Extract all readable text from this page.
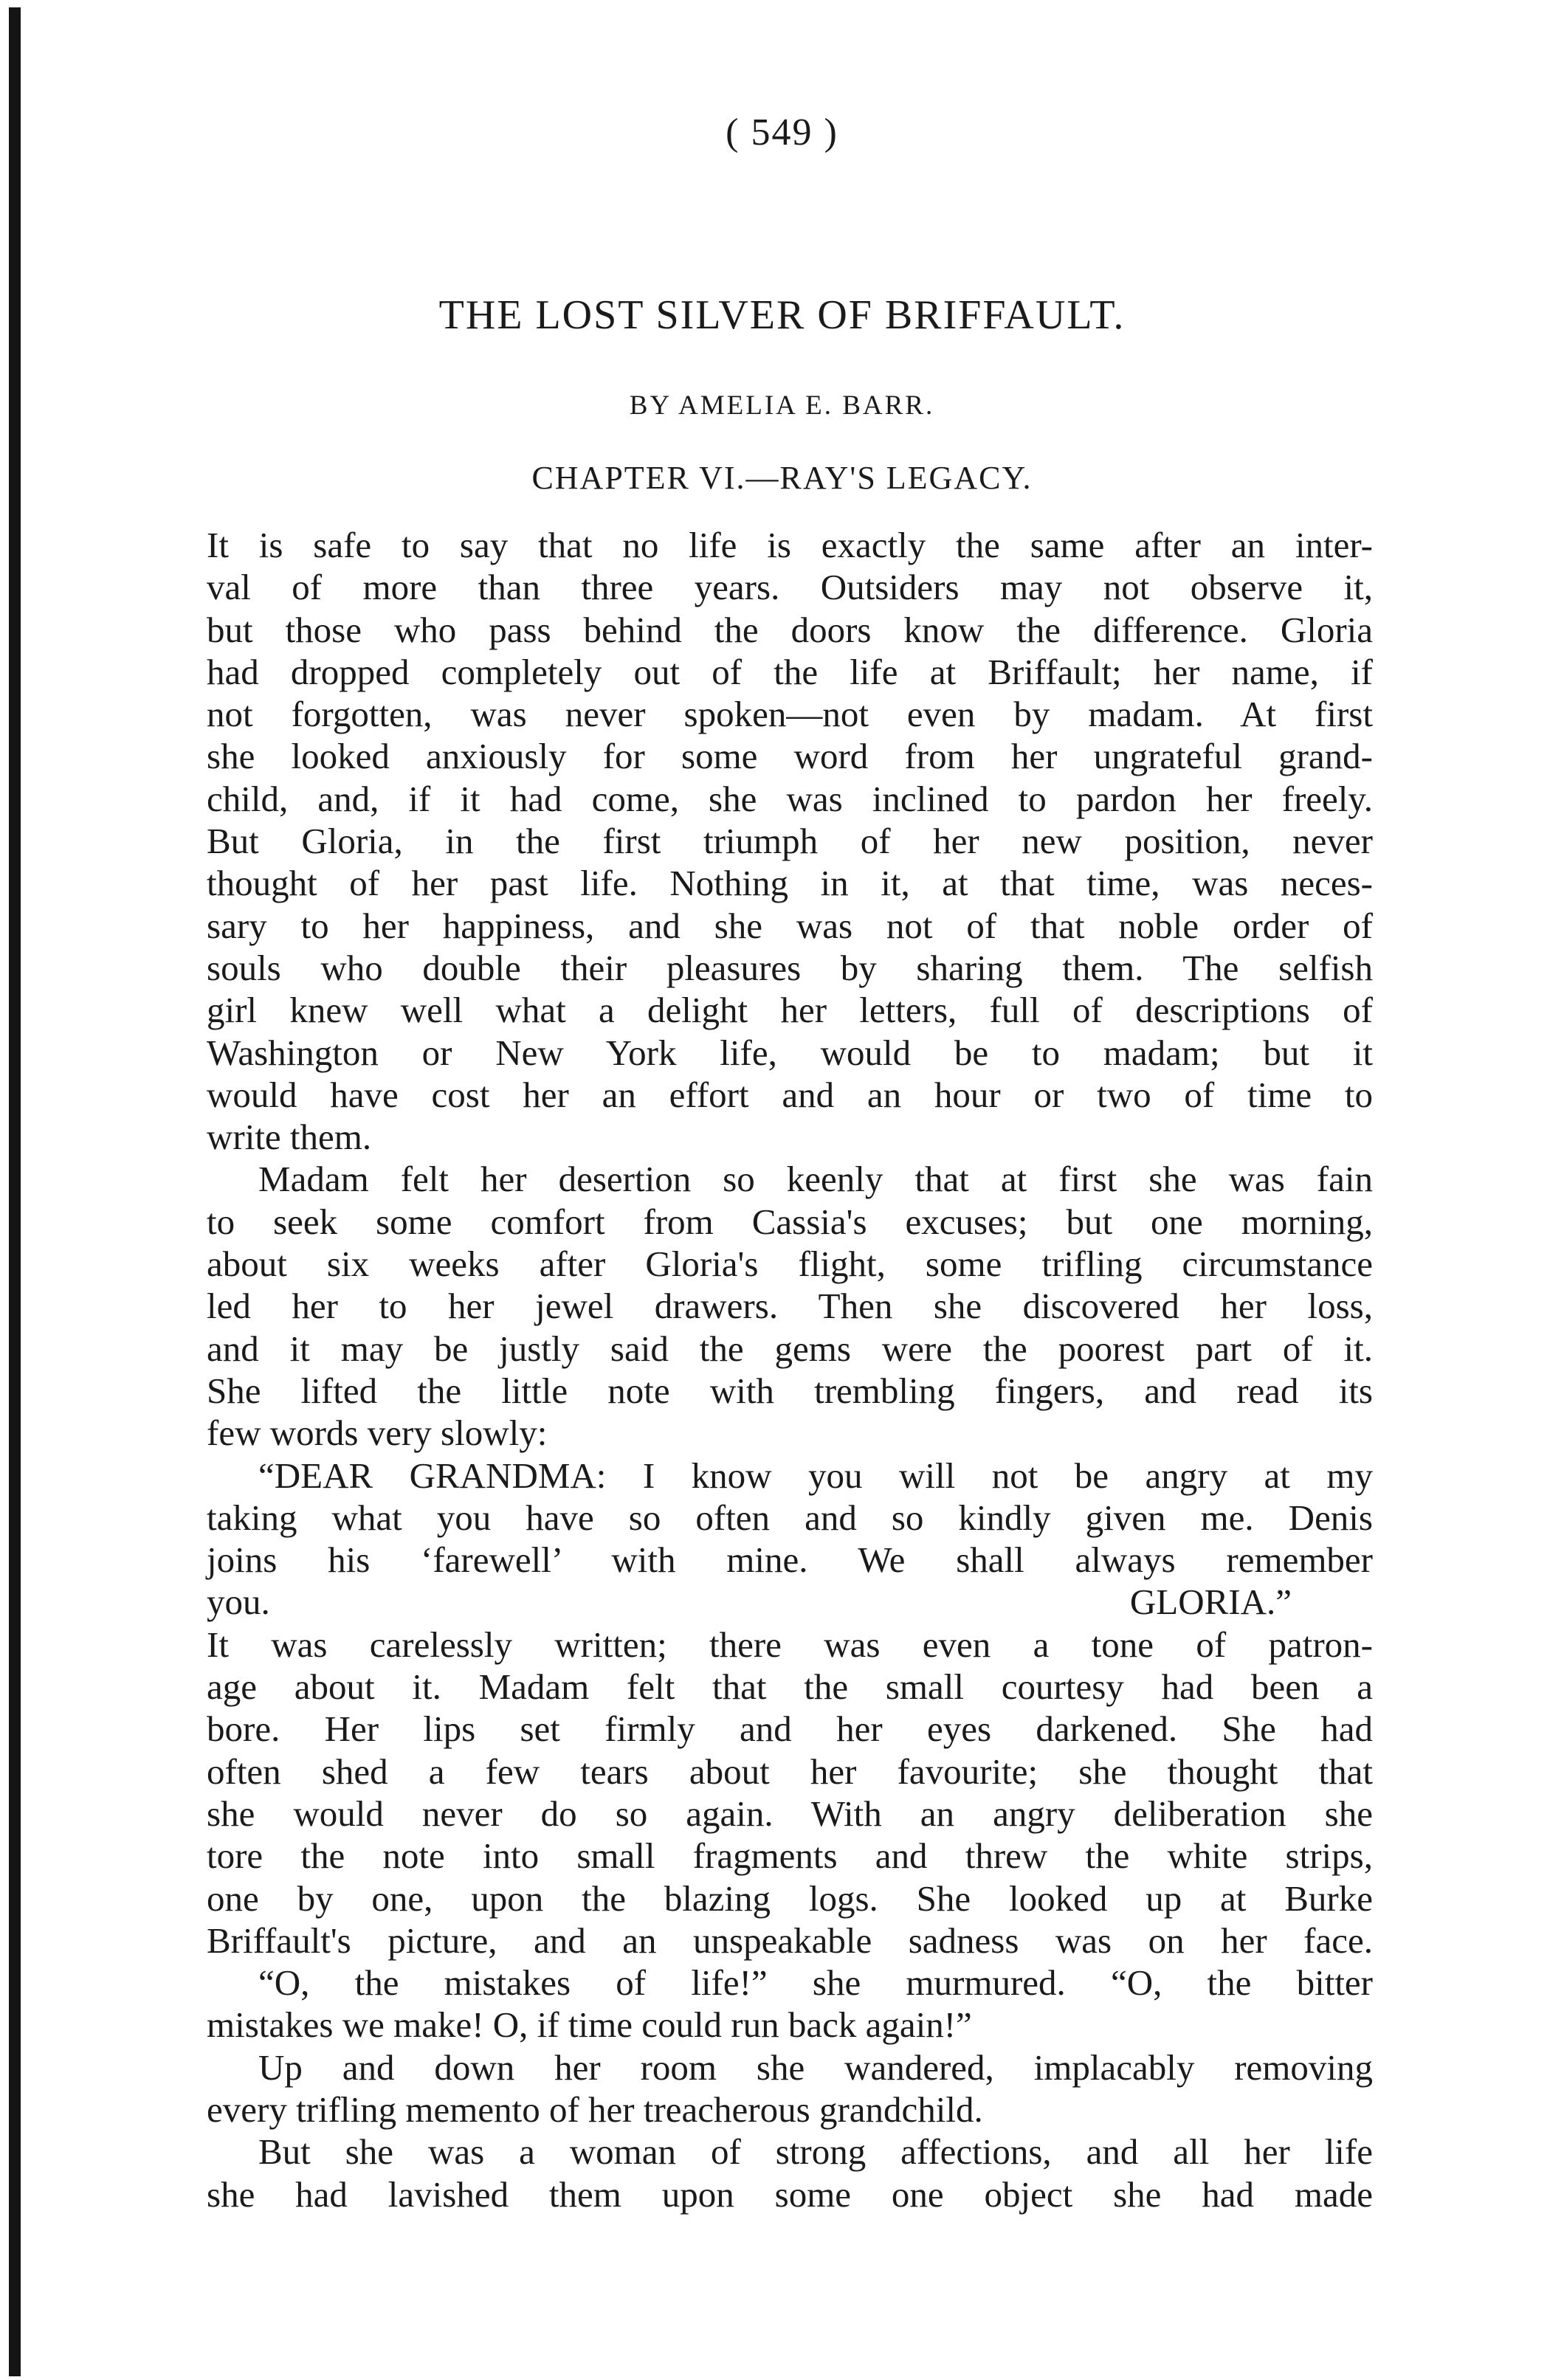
( 549 )
THE LOST SILVER OF BRIFFAULT.
BY AMELIA E. BARR.
CHAPTER VI.—RAY'S LEGACY.
It is safe to say that no life is exactly the same after an inter-
val of more than three years. Outsiders may not observe it,
but those who pass behind the doors know the difference. Gloria
had dropped completely out of the life at Briffault; her name, if
not forgotten, was never spoken—not even by madam. At first
she looked anxiously for some word from her ungrateful grand-
child, and, if it had come, she was inclined to pardon her freely.
But Gloria, in the first triumph of her new position, never
thought of her past life. Nothing in it, at that time, was neces-
sary to her happiness, and she was not of that noble order of
souls who double their pleasures by sharing them. The selfish
girl knew well what a delight her letters, full of descriptions of
Washington or New York life, would be to madam; but it
would have cost her an effort and an hour or two of time to
write them.
Madam felt her desertion so keenly that at first she was fain
to seek some comfort from Cassia's excuses; but one morning,
about six weeks after Gloria's flight, some trifling circumstance
led her to her jewel drawers. Then she discovered her loss,
and it may be justly said the gems were the poorest part of it.
She lifted the little note with trembling fingers, and read its
few words very slowly:
“DEAR GRANDMA: I know you will not be angry at my
taking what you have so often and so kindly given me. Denis
joins his ‘farewell’ with mine. We shall always remember
you.	GLORIA.”
It was carelessly written; there was even a tone of patron-
age about it. Madam felt that the small courtesy had been a
bore. Her lips set firmly and her eyes darkened. She had
often shed a few tears about her favourite; she thought that
she would never do so again. With an angry deliberation she
tore the note into small fragments and threw the white strips,
one by one, upon the blazing logs. She looked up at Burke
Briffault's picture, and an unspeakable sadness was on her face.
“O, the mistakes of life!” she murmured. “O, the bitter
mistakes we make! O, if time could run back again!”
Up and down her room she wandered, implacably removing
every trifling memento of her treacherous grandchild.
But she was a woman of strong affections, and all her life
she had lavished them upon some one object she had made
